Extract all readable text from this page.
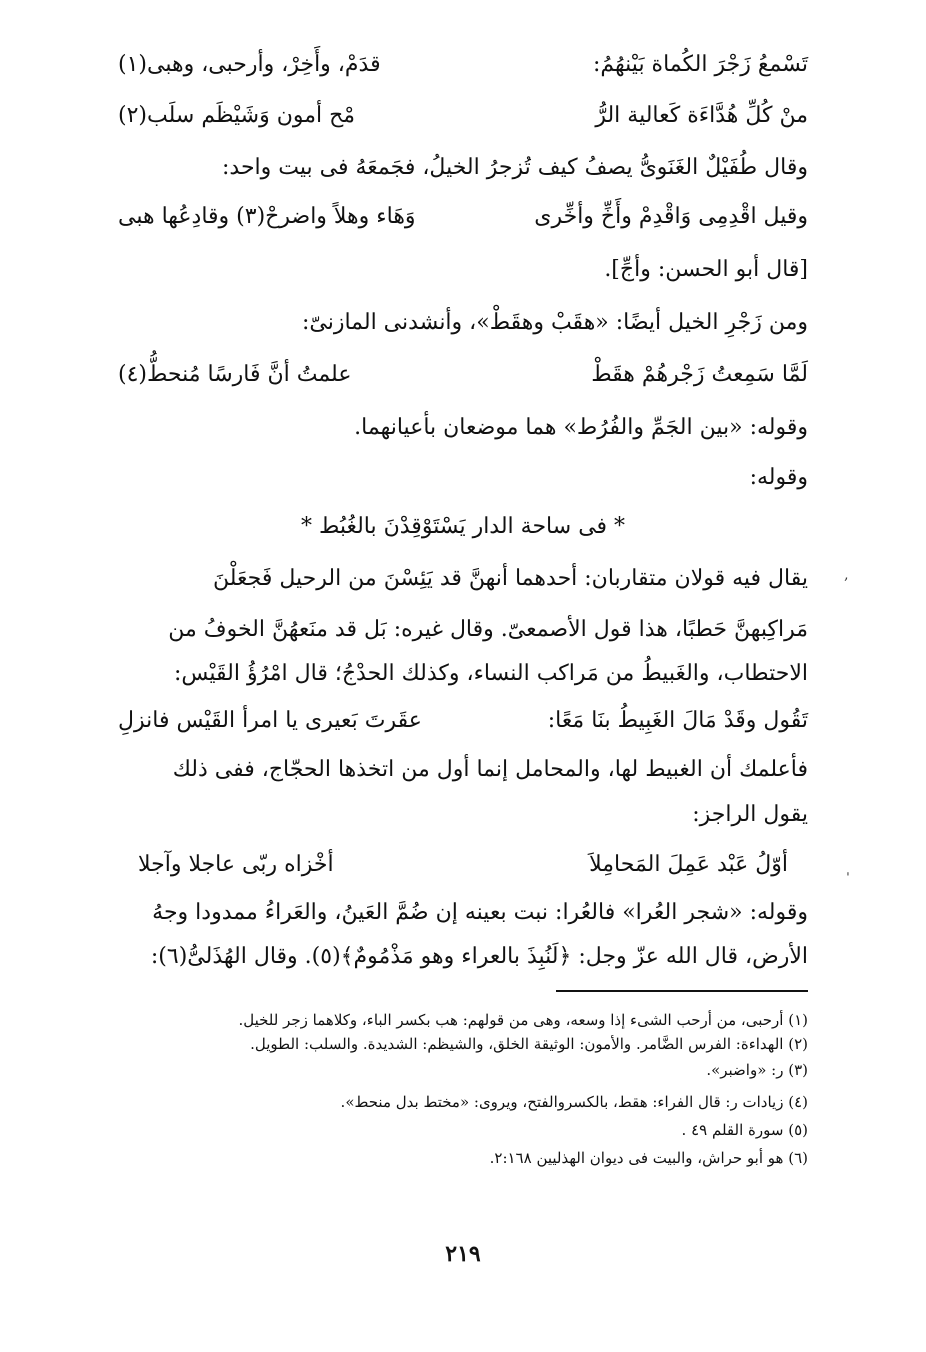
تَسْمعُ زَجْرَ الكُماة بَيْنهُمُ:
قدَمْ، وأَخِرْ، وأرحبى، وهبى(١)
منْ كُلِّ هُدَّاءَة كَعالية الرُّ
مْح أمون وَشَيْظَم سلَب(٢)
وقال طُفَيْلٌ الغَنَوىُّ يصفُ كيف تُزجرُ الخيلُ، فجَمعَهُ فى بيت واحد:
وقيل اقْدِمِى وَاقْدِمْ وأَخِّ وأخِّرى
وَهَاء وهلاً واضرحْ(٣) وقادِعُها هبى
[قال أبو الحسن: وأجِّ].
ومن زَجْرِ الخيل أيضًا: «هقَبْ وهقَطْ»، وأنشدنى المازنىّ:
لَمَّا سَمِعتُ زَجْرهُمْ هقَطْ
علمتُ أنَّ فَارسًا مُنحطُّ(٤)
وقوله: «بين الجَمِّ والفُرُط» هما موضعان بأعيانهما.
وقوله:
* فى ساحة الدار يَسْتَوْقِدْنَ بالغُبُط *
يقال فيه قولان متقاربان: أحدهما أنهنَّ قد يَئِسْنَ من الرحيل فَجعَلْنَ
مَراكِبهنَّ حَطبًا، هذا قول الأصمعىّ. وقال غيره: بَل قد منَعهُنَّ الخوفُ من
الاحتطاب، والغَبيطُ من مَراكب النساء، وكذلك الحدْجُ؛ قال امْرُؤُ القَيْس:
تَقُول وقَدْ مَالَ الغَبِيطُ بنَا مَعًا:
عقَرتَ بَعيرى يا امرأ القَيْس فانزلِ
فأعلمك أن الغبيط لها، والمحامل إنما أول من اتخذها الحجّاج، ففى ذلك
يقول الراجز:
أوّلُ عَبْد عَمِلَ المَحامِلاَ
أخْزاه ربّى عاجلا وآجلا
وقوله: «شجر العُرا» فالعُرا: نبت بعينه إن ضُمَّ العَينُ، والعَراءُ ممدودا وجهُ
الأرض، قال الله عزّ وجل: ﴿لَنُبِذَ بالعراء وهو مَذْمُومٌ﴾(٥). وقال الهُذَلىُّ(٦):
(١) أرحبى، من أرحب الشىء إذا وسعه، وهى من قولهم: هب بكسر الباء، وكلاهما زجر للخيل.
(٢) الهداءة: الفرس الضَّامر. والأمون: الوثيقة الخلق، والشيظم: الشديدة. والسلب: الطويل.
(٣) ر: «واضبر».
(٤) زيادات ر: قال الفراء: هقط، بالكسروالفتح، ويروى: «مختط بدل منحط».
(٥) سورة القلم ٤٩ .
(٦) هو أبو حراش، والبيت فى ديوان الهذليين ٢:١٦٨.
٢١٩
‚
ˌ
